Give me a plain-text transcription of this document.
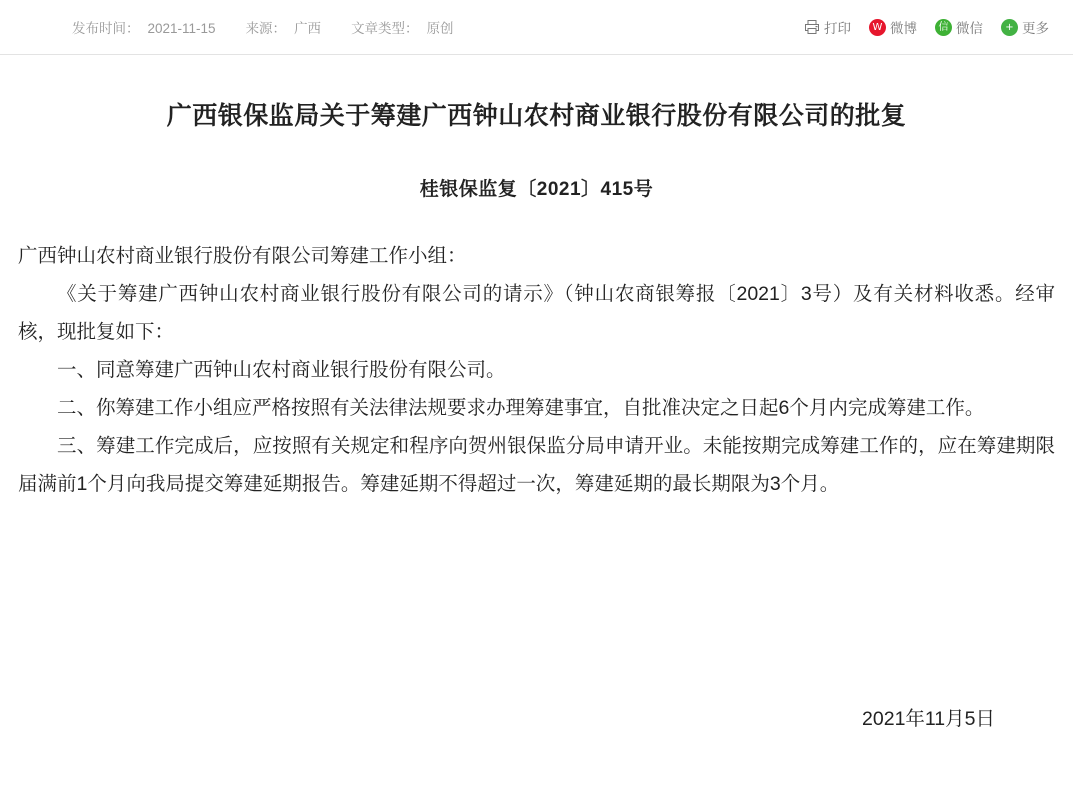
发布时间： 2021-11-15 来源： 广西 文章类型： 原创	打印	W 微博	信 微信	+ 更多
广西银保监局关于筹建广西钟山农村商业银行股份有限公司的批复
桂银保监复〔2021〕415号

广西钟山农村商业银行股份有限公司筹建工作小组：

《关于筹建广西钟山农村商业银行股份有限公司的请示》（钟山农商银筹报〔2021〕3号）及有关材料收悉。经审核，现批复如下：

一、同意筹建广西钟山农村商业银行股份有限公司。

二、你筹建工作小组应严格按照有关法律法规要求办理筹建事宜，自批准决定之日起6个月内完成筹建工作。

三、筹建工作完成后，应按照有关规定和程序向贺州银保监分局申请开业。未能按期完成筹建工作的，应在筹建期限届满前1个月向我局提交筹建延期报告。筹建延期不得超过一次，筹建延期的最长期限为3个月。

2021年11月5日
